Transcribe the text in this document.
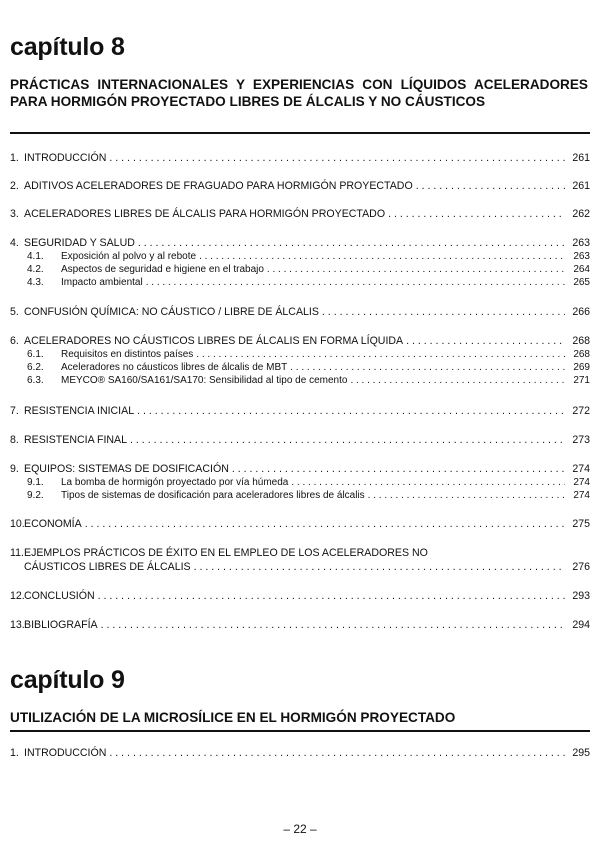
capítulo 8

PRÁCTICAS INTERNACIONALES Y EXPERIENCIAS CON LÍQUIDOS ACELERADORES PARA HORMIGÓN PROYECTADO LIBRES DE ÁLCALIS Y NO CÁUSTICOS

1. INTRODUCCIÓN . . .	261
2. ADITIVOS ACELERADORES DE FRAGUADO PARA HORMIGÓN PROYECTADO . . .	261
3. ACELERADORES LIBRES DE ÁLCALIS PARA HORMIGÓN PROYECTADO . . .	262
4. SEGURIDAD Y SALUD . . .	263
4.1.	Exposición al polvo y al rebote . . .	263
4.2.	Aspectos de seguridad e higiene en el trabajo . . .	264
4.3.	Impacto ambiental . . .	265
5. CONFUSIÓN QUÍMICA: NO CÁUSTICO / LIBRE DE ÁLCALIS . . .	266
6. ACELERADORES NO CÁUSTICOS LIBRES DE ÁLCALIS EN FORMA LÍQUIDA . . .	268
6.1.	Requisitos en distintos países . . .	268
6.2.	Aceleradores no cáusticos libres de álcalis de MBT . . .	269
6.3.	MEYCO® SA160/SA161/SA170: Sensibilidad al tipo de cemento . . .	271
7. RESISTENCIA INICIAL . . .	272
8. RESISTENCIA FINAL . . .	273
9. EQUIPOS: SISTEMAS DE DOSIFICACIÓN . . .	274
9.1.	La bomba de hormigón proyectado por vía húmeda . . .	274
9.2.	Tipos de sistemas de dosificación para aceleradores libres de álcalis . . .	274
10. ECONOMÍA . . .	275
11.EJEMPLOS PRÁCTICOS DE ÉXITO EN EL EMPLEO DE LOS ACELERADORES NO
CÁUSTICOS LIBRES DE ÁLCALIS . . .	276
12. CONCLUSIÓN . . .	293
13. BIBLIOGRAFÍA . . .	294
capítulo 9

UTILIZACIÓN DE LA MICROSÍLICE EN EL HORMIGÓN PROYECTADO

1. INTRODUCCIÓN . . .	295
– 22 –
